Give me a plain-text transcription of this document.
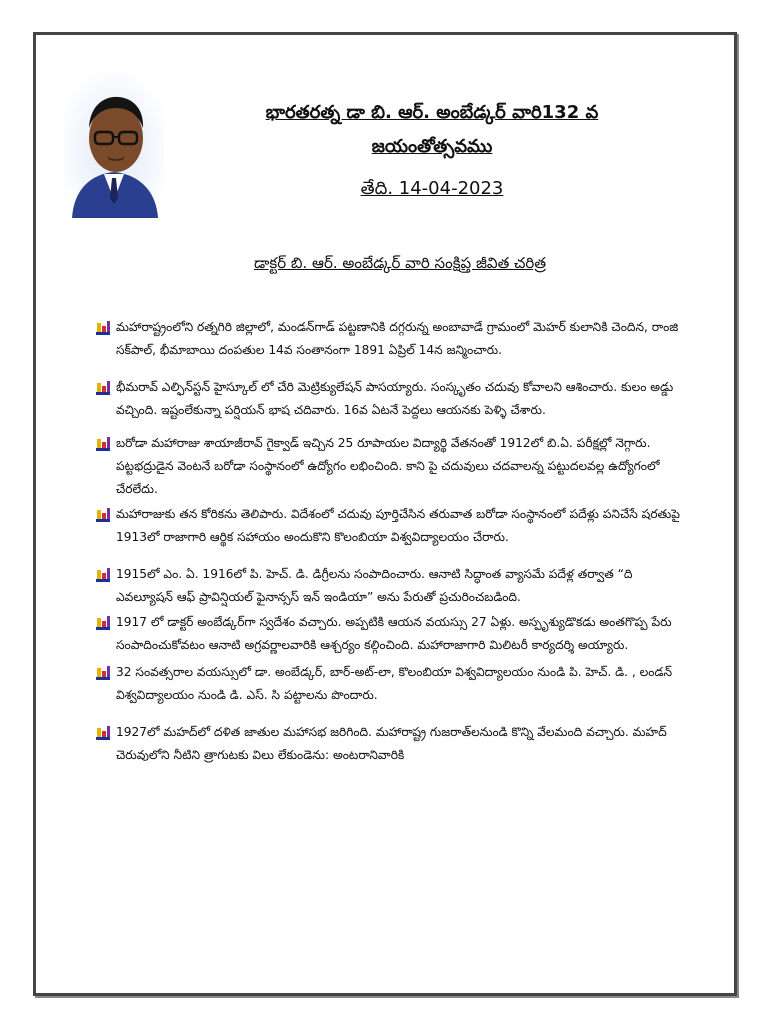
భారతరత్న డా బి. ఆర్. అంబేడ్కర్ వారి132 వ
జయంతోత్సవము
తేది. 14-04-2023
డాక్టర్ బి. ఆర్. అంబేడ్కర్ వారి సంక్షిప్త జీవిత చరిత్ర
మహారాష్ట్రంలోని రత్నగిరి జిల్లాలో, మండన్‌గాడ్ పట్టణానికి దగ్గరున్న అంబావాడే గ్రామంలో మెహర్ కులానికి చెందిన, రాంజి సక్‌పాల్, భీమాబాయి దంపతుల 14వ సంతానంగా 1891 ఏప్రిల్ 14న జన్మించారు.
భీమరావ్ ఎల్ఫిన్‌స్టన్ హైస్కూల్ లో చేరి మెట్రిక్యులేషన్ పాసయ్యారు. సంస్కృతం చదువు కోవాలని ఆశించారు. కులం అడ్డు వచ్చింది. ఇష్టంలేకున్నా పర్షియన్ భాష చదివారు. 16వ ఏటనే పెద్దలు ఆయనకు పెళ్ళి చేశారు.
బరోడా మహారాజు శాయాజీరావ్ గైక్వాడ్ ఇచ్చిన 25 రూపాయల విద్యార్థి వేతనంతో 1912లో బి.ఏ. పరీక్షల్లో నెగ్గారు. పట్టభద్రుడైన వెంటనే బరోడా సంస్థానంలో ఉద్యోగం లభించింది. కాని పై చదువులు చదవాలన్న పట్టుదలవల్ల ఉద్యోగంలో చేరలేదు.
మహారాజుకు తన కోరికను తెలిపారు. విదేశంలో చదువు పూర్తిచేసిన తరువాత బరోడా సంస్థానంలో పదేళ్లు పనిచేసే షరతుపై 1913లో రాజాగారి ఆర్థిక సహాయం అందుకొని కొలంబియా విశ్వవిద్యాలయం చేరారు.
1915లో ఎం. ఏ. 1916లో పి. హెచ్. డి. డిగ్రీలను సంపాదించారు. ఆనాటి సిద్ధాంత వ్యాసమే పదేళ్ల తర్వాత “ది ఎవల్యూషన్ ఆఫ్ ప్రావిన్షియల్ ఫైనాన్సస్ ఇన్ ఇండియా” అను పేరుతో ప్రచురించబడింది.
1917 లో డాక్టర్ అంబేడ్కర్‌గా స్వదేశం వచ్చారు. అప్పటికి ఆయన వయస్సు 27 ఏళ్లు. అస్పృశ్యుడొకడు అంతగొప్ప పేరు సంపాదించుకోవటం ఆనాటి అగ్రవర్ణాలవారికి ఆశ్చర్యం కల్గించింది. మహారాజాగారి మిలిటరీ కార్యదర్శి అయ్యారు.
32 సంవత్సరాల వయస్సులో డా. అంబేడ్కర్, బార్-అట్-లా, కొలంబియా విశ్వవిద్యాలయం నుండి పి. హెచ్. డి. , లండన్ విశ్వవిద్యాలయం నుండి డి. ఎస్. సి పట్టాలను పొందారు.
1927లో మహద్‌లో దళిత జాతుల మహాసభ జరిగింది. మహారాష్ట్ర గుజరాత్‌లనుండి కొన్ని వేలమంది వచ్చారు. మహద్ చెరువులోని నీటిని త్రాగుటకు విలు లేకుండెను: అంటరానివారికి
